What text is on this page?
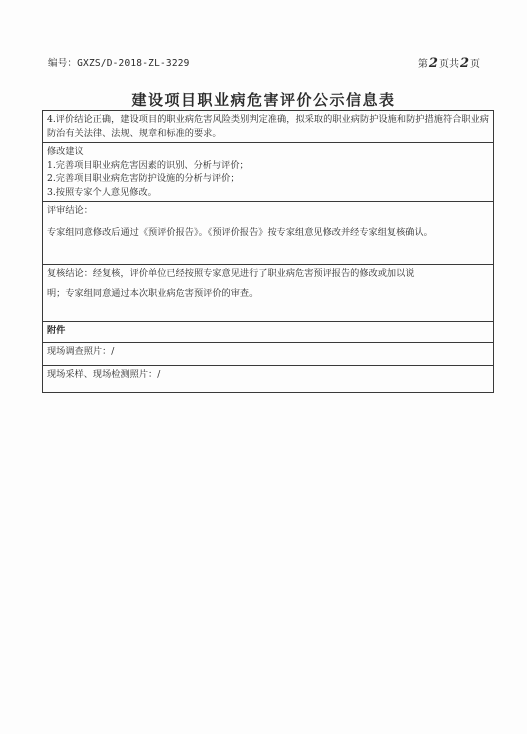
编号：GXZS/D-2018-ZL-3229	第2页共2页
建设项目职业病危害评价公示信息表

4.评价结论正确，建设项目的职业病危害风险类别判定准确，拟采取的职业病防护设施和防护措施符合职业病防治有关法律、法规、规章和标准的要求。

修改建议

1.完善项目职业病危害因素的识别、分析与评价；

2.完善项目职业病危害防护设施的分析与评价；

3.按照专家个人意见修改。

评审结论：

专家组同意修改后通过《预评价报告》。《预评价报告》按专家组意见修改并经专家组复核确认。

复核结论：经复核，评价单位已经按照专家意见进行了职业病危害预评报告的修改或加以说

明；专家组同意通过本次职业病危害预评价的审查。

附件

现场调查照片：/

现场采样、现场检测照片：/
